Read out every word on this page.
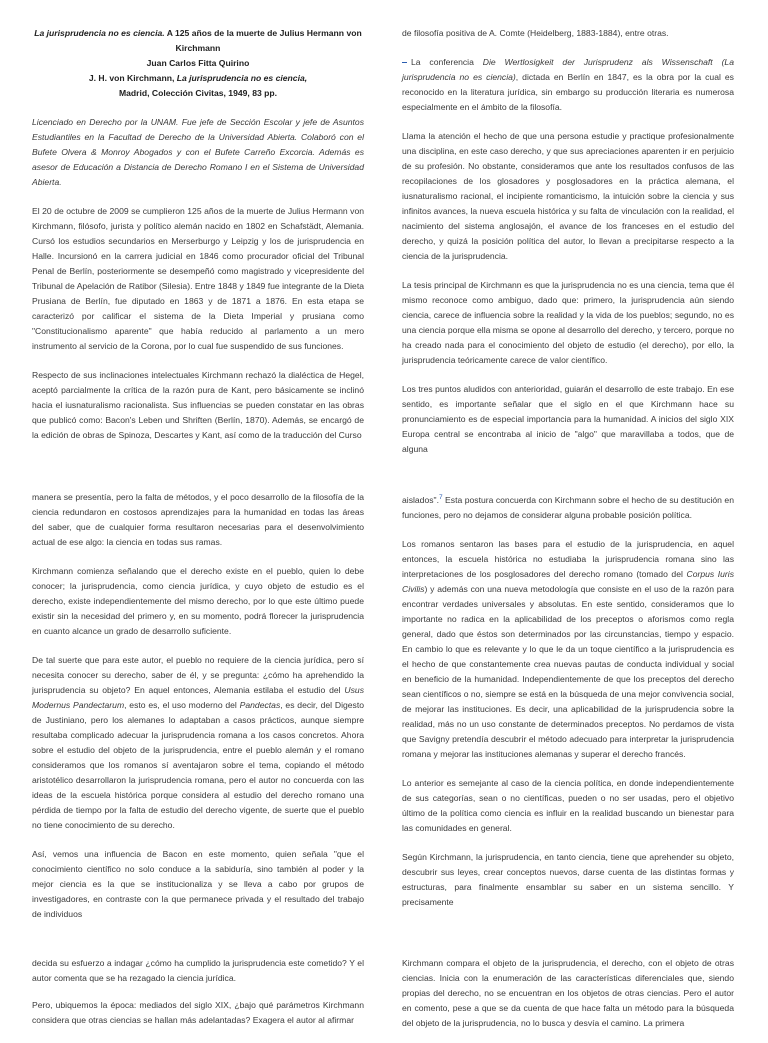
La jurisprudencia no es ciencia. A 125 años de la muerte de Julius Hermann von Kirchmann

Juan Carlos Fitta Quirino

J. H. von Kirchmann, La jurisprudencia no es ciencia,

Madrid, Colección Civitas, 1949, 83 pp.

Licenciado en Derecho por la UNAM. Fue jefe de Sección Escolar y jefe de Asuntos Estudiantiles en la Facultad de Derecho de la Universidad Abierta. Colaboró con el Bufete Olvera & Monroy Abogados y con el Bufete Carreño Excorcia. Además es asesor de Educación a Distancia de Derecho Romano I en el Sistema de Universidad Abierta.

El 20 de octubre de 2009 se cumplieron 125 años de la muerte de Julius Hermann von Kirchmann, filósofo, jurista y político alemán nacido en 1802 en Schafstädt, Alemania. Cursó los estudios secundarios en Merserburgo y Leipzig y los de jurisprudencia en Halle. Incursionó en la carrera judicial en 1846 como procurador oficial del Tribunal Penal de Berlín, posteriormente se desempeñó como magistrado y vicepresidente del Tribunal de Apelación de Ratibor (Silesia). Entre 1848 y 1849 fue integrante de la Dieta Prusiana de Berlín, fue diputado en 1863 y de 1871 a 1876. En esta etapa se caracterizó por calificar el sistema de la Dieta Imperial y prusiana como "Constitucionalismo aparente" que había reducido al parlamento a un mero instrumento al servicio de la Corona, por lo cual fue suspendido de sus funciones.

Respecto de sus inclinaciones intelectuales Kirchmann rechazó la dialéctica de Hegel, aceptó parcialmente la crítica de la razón pura de Kant, pero básicamente se inclinó hacia el iusnaturalismo racionalista. Sus influencias se pueden constatar en las obras que publicó como: Bacon's Leben und Shriften (Berlín, 1870). Además, se encargó de la edición de obras de Spinoza, Descartes y Kant, así como de la traducción del Curso

de filosofía positiva de A. Comte (Heidelberg, 1883-1884), entre otras.

La conferencia Die Wertlosigkeit der Jurisprudenz als Wissenschaft (La jurisprudencia no es ciencia), dictada en Berlín en 1847, es la obra por la cual es reconocido en la literatura jurídica, sin embargo su producción literaria es numerosa especialmente en el ámbito de la filosofía.

Llama la atención el hecho de que una persona estudie y practique profesionalmente una disciplina, en este caso derecho, y que sus apreciaciones aparenten ir en perjuicio de su profesión. No obstante, consideramos que ante los resultados confusos de las recopilaciones de los glosadores y posglosadores en la práctica alemana, el iusnaturalismo racional, el incipiente romanticismo, la intuición sobre la ciencia y sus infinitos avances, la nueva escuela histórica y su falta de vinculación con la realidad, el nacimiento del sistema anglosajón, el avance de los franceses en el estudio del derecho, y quizá la posición política del autor, lo llevan a precipitarse respecto a la ciencia de la jurisprudencia.

La tesis principal de Kirchmann es que la jurisprudencia no es una ciencia, tema que él mismo reconoce como ambiguo, dado que: primero, la jurisprudencia aún siendo ciencia, carece de influencia sobre la realidad y la vida de los pueblos; segundo, no es una ciencia porque ella misma se opone al desarrollo del derecho, y tercero, porque no ha creado nada para el conocimiento del objeto de estudio (el derecho), por ello, la jurisprudencia teóricamente carece de valor científico.

Los tres puntos aludidos con anterioridad, guiarán el desarrollo de este trabajo. En ese sentido, es importante señalar que el siglo en el que Kirchmann hace su pronunciamiento es de especial importancia para la humanidad. A inicios del siglo XIX Europa central se encontraba al inicio de "algo" que maravillaba a todos, que de alguna

manera se presentía, pero la falta de métodos, y el poco desarrollo de la filosofía de la ciencia redundaron en costosos aprendizajes para la humanidad en todas las áreas del saber, que de cualquier forma resultaron necesarias para el desenvolvimiento actual de ese algo: la ciencia en todas sus ramas.

Kirchmann comienza señalando que el derecho existe en el pueblo, quien lo debe conocer; la jurisprudencia, como ciencia jurídica, y cuyo objeto de estudio es el derecho, existe independientemente del mismo derecho, por lo que este último puede existir sin la necesidad del primero y, en su momento, podrá florecer la jurisprudencia en cuanto alcance un grado de desarrollo suficiente.

De tal suerte que para este autor, el pueblo no requiere de la ciencia jurídica, pero sí necesita conocer su derecho, saber de él, y se pregunta: ¿cómo ha aprehendido la jurisprudencia su objeto? En aquel entonces, Alemania estilaba el estudio del Usus Modernus Pandectarum, esto es, el uso moderno del Pandectas, es decir, del Digesto de Justiniano, pero los alemanes lo adaptaban a casos prácticos, aunque siempre resultaba complicado adecuar la jurisprudencia romana a los casos concretos. Ahora sobre el estudio del objeto de la jurisprudencia, entre el pueblo alemán y el romano consideramos que los romanos sí aventajaron sobre el tema, copiando el método aristotélico desarrollaron la jurisprudencia romana, pero el autor no concuerda con las ideas de la escuela histórica porque considera al estudio del derecho romano una pérdida de tiempo por la falta de estudio del derecho vigente, de suerte que el pueblo no tiene conocimiento de su derecho.

Así, vemos una influencia de Bacon en este momento, quien señala "que el conocimiento científico no solo conduce a la sabiduría, sino también al poder y la mejor ciencia es la que se institucionaliza y se lleva a cabo por grupos de investigadores, en contraste con la que permanece privada y el resultado del trabajo de individuos

aislados".$^7$ Esta postura concuerda con Kirchmann sobre el hecho de su destitución en funciones, pero no dejamos de considerar alguna probable posición política.

Los romanos sentaron las bases para el estudio de la jurisprudencia, en aquel entonces, la escuela histórica no estudiaba la jurisprudencia romana sino las interpretaciones de los posglosadores del derecho romano (tomado del Corpus Iuris Civilis) y además con una nueva metodología que consiste en el uso de la razón para encontrar verdades universales y absolutas. En este sentido, consideramos que lo importante no radica en la aplicabilidad de los preceptos o aforismos como regla general, dado que éstos son determinados por las circunstancias, tiempo y espacio. En cambio lo que es relevante y lo que le da un toque científico a la jurisprudencia es el hecho de que constantemente crea nuevas pautas de conducta individual y social en beneficio de la humanidad. Independientemente de que los preceptos del derecho sean científicos o no, siempre se está en la búsqueda de una mejor convivencia social, de mejorar las instituciones. Es decir, una aplicabilidad de la jurisprudencia sobre la realidad, más no un uso constante de determinados preceptos. No perdamos de vista que Savigny pretendía descubrir el método adecuado para interpretar la jurisprudencia romana y mejorar las instituciones alemanas y superar el derecho francés.

Lo anterior es semejante al caso de la ciencia política, en donde independientemente de sus categorías, sean o no científicas, pueden o no ser usadas, pero el objetivo último de la política como ciencia es influir en la realidad buscando un bienestar para las comunidades en general.

Según Kirchmann, la jurisprudencia, en tanto ciencia, tiene que aprehender su objeto, descubrir sus leyes, crear conceptos nuevos, darse cuenta de las distintas formas y estructuras, para finalmente ensamblar su saber en un sistema sencillo. Y precisamente

decida su esfuerzo a indagar ¿cómo ha cumplido la jurisprudencia este cometido? Y el autor comenta que se ha rezagado la ciencia jurídica.

Pero, ubiquemos la época: mediados del siglo XIX, ¿bajo qué parámetros Kirchmann considera que otras ciencias se hallan más adelantadas? Exagera el autor al afirmar

Kirchmann compara el objeto de la jurisprudencia, el derecho, con el objeto de otras ciencias. Inicia con la enumeración de las características diferenciales que, siendo propias del derecho, no se encuentran en los objetos de otras ciencias. Pero el autor en comento, pese a que se da cuenta de que hace falta un método para la búsqueda del objeto de la jurisprudencia, no lo busca y desvía el camino. La primera
